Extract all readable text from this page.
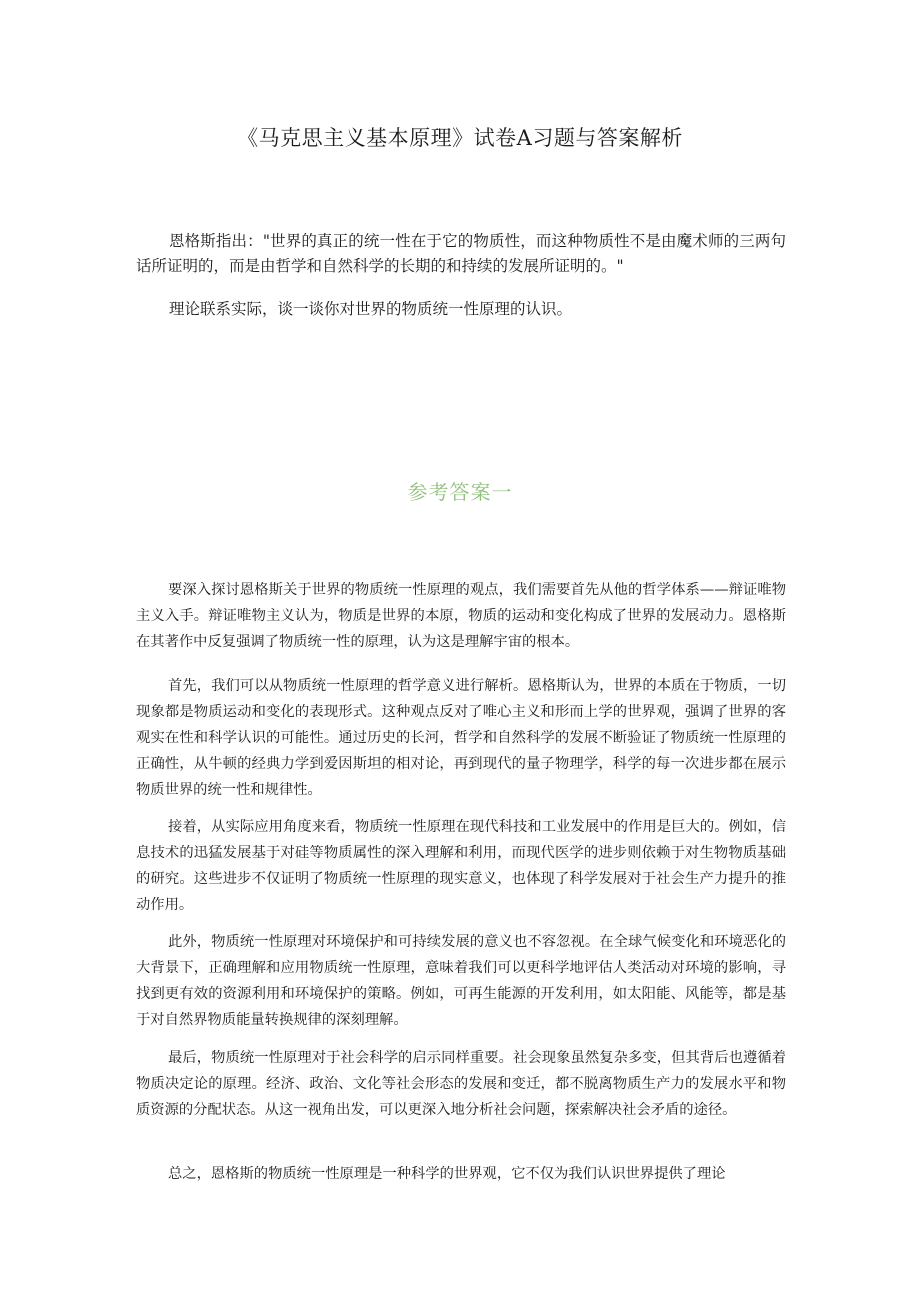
《马克思主义基本原理》试卷A习题与答案解析

恩格斯指出："世界的真正的统一性在于它的物质性，而这种物质性不是由魔术师的三两句话所证明的，而是由哲学和自然科学的长期的和持续的发展所证明的。"

理论联系实际，谈一谈你对世界的物质统一性原理的认识。

参考答案一

要深入探讨恩格斯关于世界的物质统一性原理的观点，我们需要首先从他的哲学体系——辩证唯物主义入手。辩证唯物主义认为，物质是世界的本原，物质的运动和变化构成了世界的发展动力。恩格斯在其著作中反复强调了物质统一性的原理，认为这是理解宇宙的根本。

首先，我们可以从物质统一性原理的哲学意义进行解析。恩格斯认为，世界的本质在于物质，一切现象都是物质运动和变化的表现形式。这种观点反对了唯心主义和形而上学的世界观，强调了世界的客观实在性和科学认识的可能性。通过历史的长河，哲学和自然科学的发展不断验证了物质统一性原理的正确性，从牛顿的经典力学到爱因斯坦的相对论，再到现代的量子物理学，科学的每一次进步都在展示物质世界的统一性和规律性。

接着，从实际应用角度来看，物质统一性原理在现代科技和工业发展中的作用是巨大的。例如，信息技术的迅猛发展基于对硅等物质属性的深入理解和利用，而现代医学的进步则依赖于对生物物质基础的研究。这些进步不仅证明了物质统一性原理的现实意义，也体现了科学发展对于社会生产力提升的推动作用。

此外，物质统一性原理对环境保护和可持续发展的意义也不容忽视。在全球气候变化和环境恶化的大背景下，正确理解和应用物质统一性原理，意味着我们可以更科学地评估人类活动对环境的影响，寻找到更有效的资源利用和环境保护的策略。例如，可再生能源的开发利用，如太阳能、风能等，都是基于对自然界物质能量转换规律的深刻理解。

最后，物质统一性原理对于社会科学的启示同样重要。社会现象虽然复杂多变，但其背后也遵循着物质决定论的原理。经济、政治、文化等社会形态的发展和变迁，都不脱离物质生产力的发展水平和物质资源的分配状态。从这一视角出发，可以更深入地分析社会问题，探索解决社会矛盾的途径。

总之，恩格斯的物质统一性原理是一种科学的世界观，它不仅为我们认识世界提供了理论
